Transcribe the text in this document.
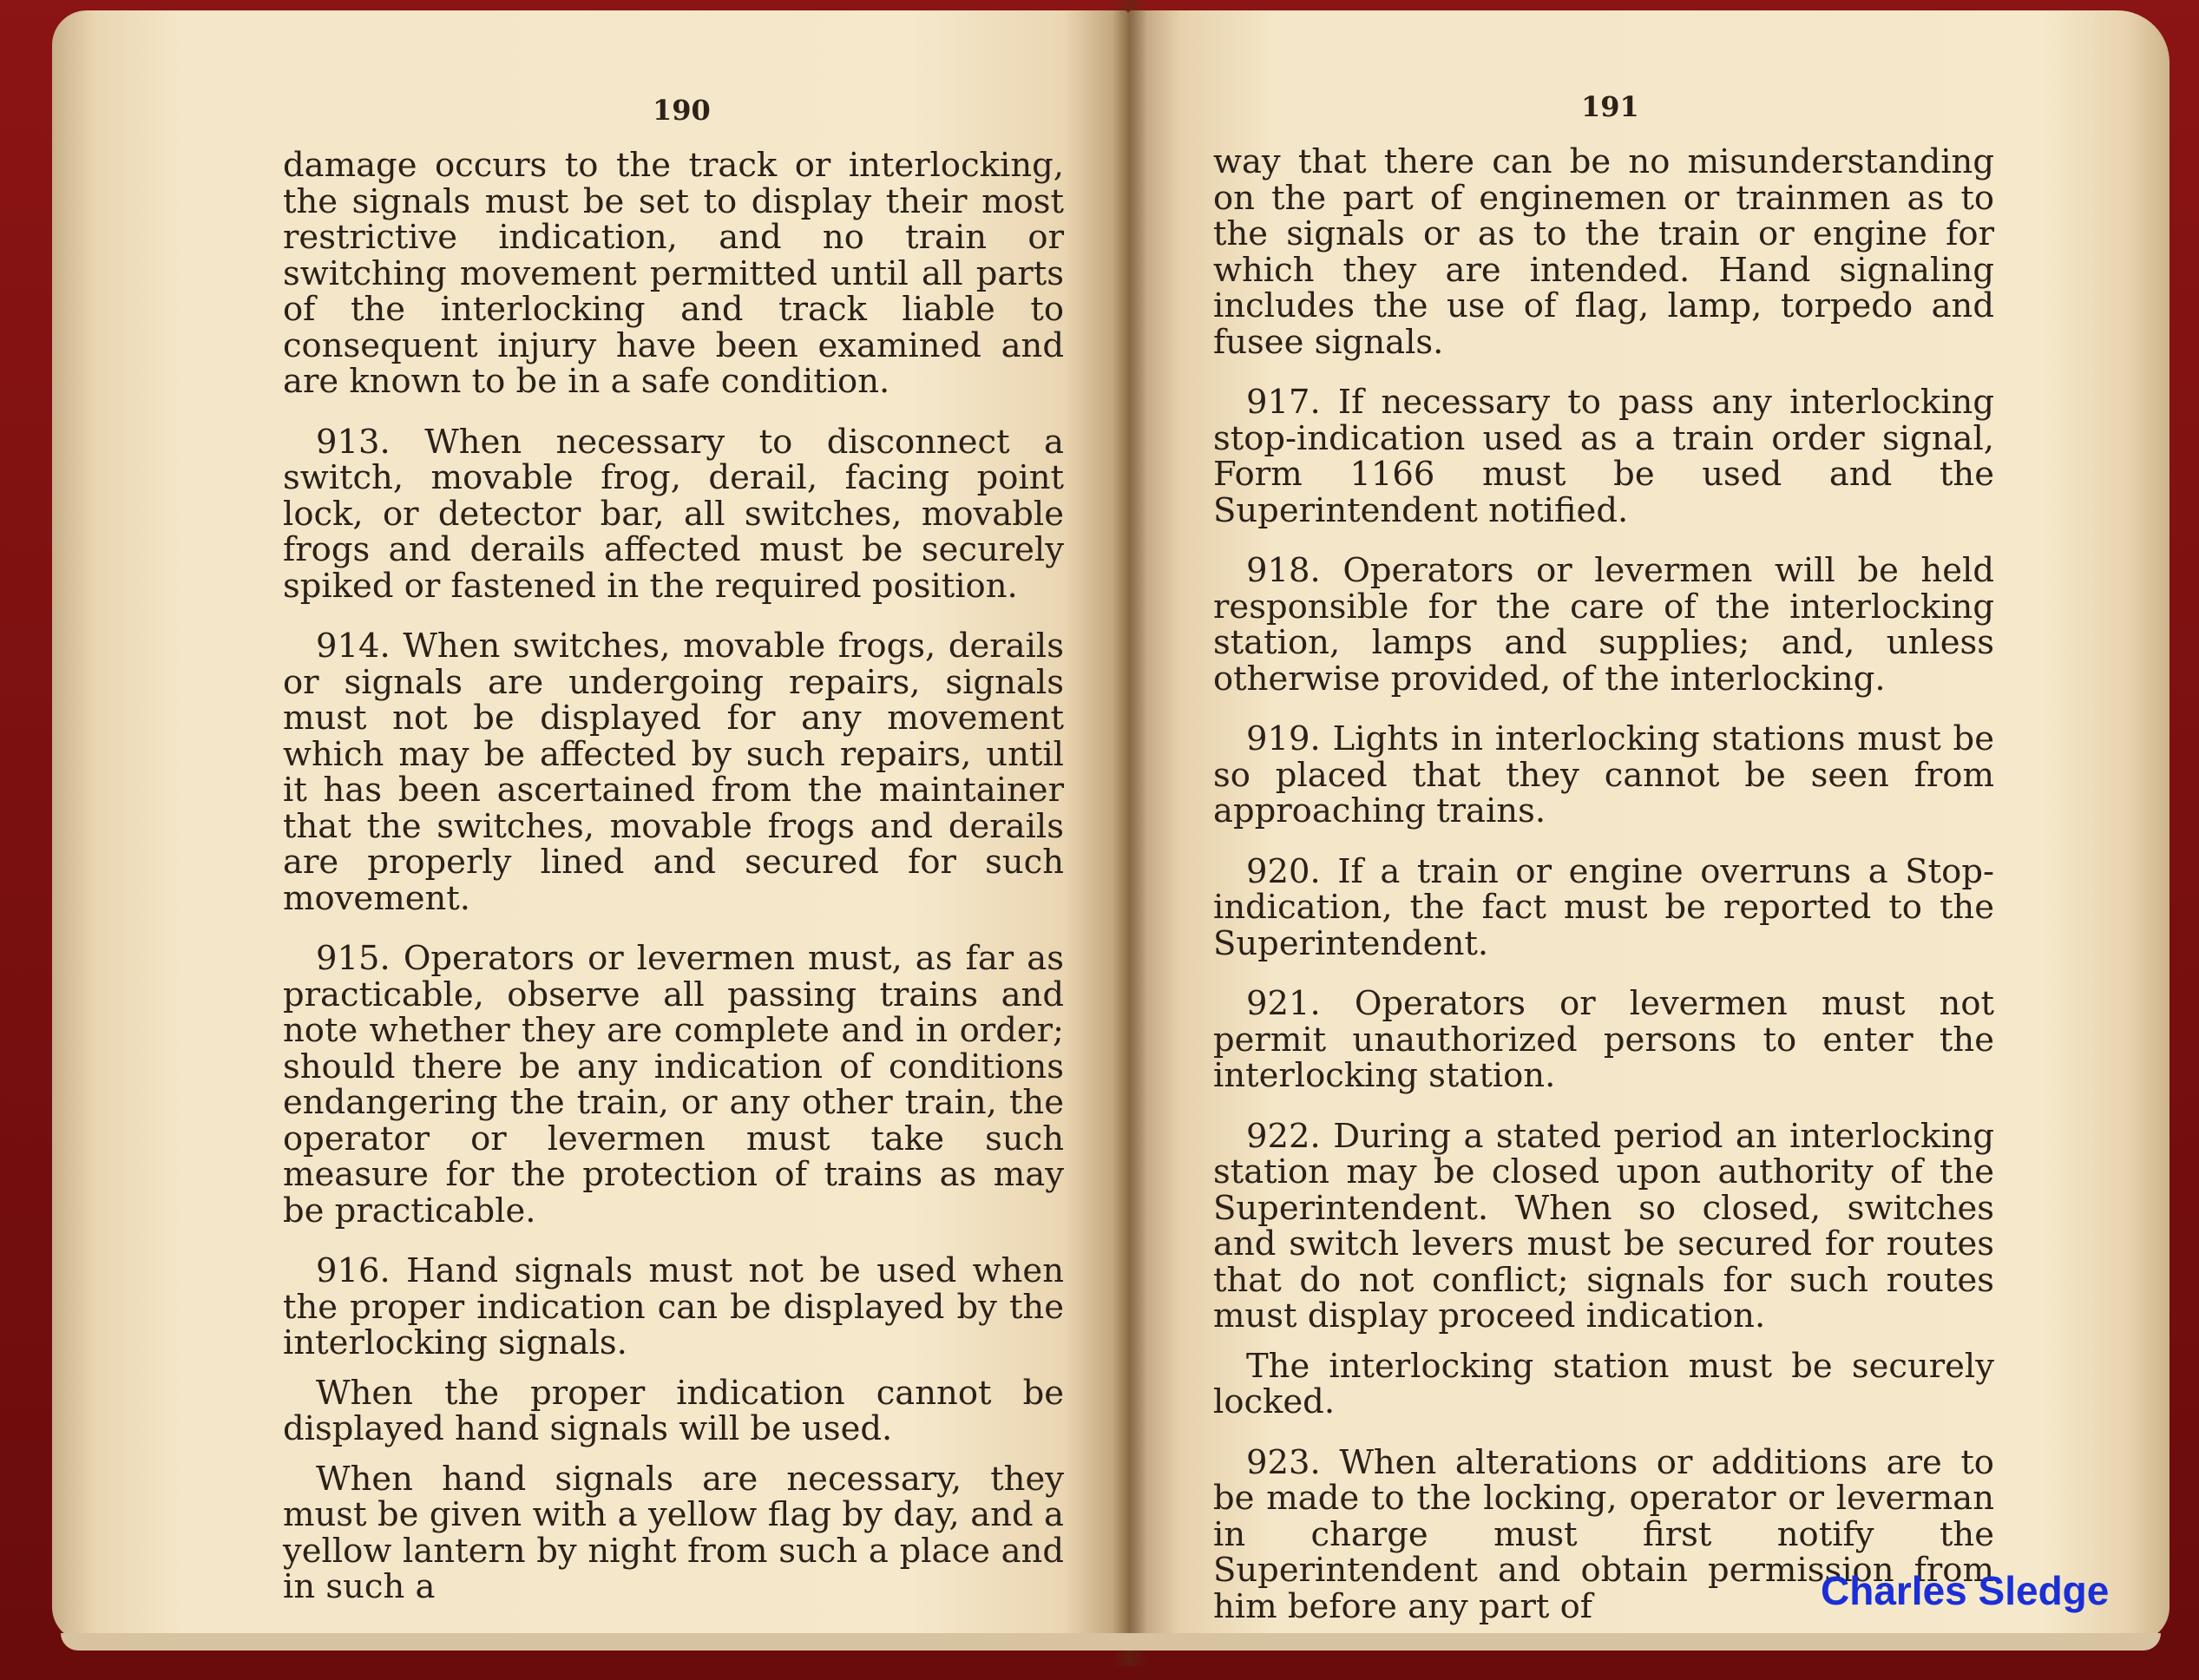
190	191

damage occurs to the track or interlocking, the signals must be set to display their most restrictive indication, and no train or switching movement permitted until all parts of the interlocking and track liable to consequent injury have been examined and are known to be in a safe condition.

913. When necessary to disconnect a switch, movable frog, derail, facing point lock, or detector bar, all switches, movable frogs and derails affected must be securely spiked or fastened in the required position.

914. When switches, movable frogs, derails or signals are undergoing repairs, signals must not be displayed for any movement which may be affected by such repairs, until it has been ascertained from the maintainer that the switches, movable frogs and derails are properly lined and secured for such movement.

915. Operators or levermen must, as far as practicable, observe all passing trains and note whether they are complete and in order; should there be any indication of conditions endangering the train, or any other train, the operator or levermen must take such measure for the protection of trains as may be practicable.

916. Hand signals must not be used when the proper indication can be displayed by the interlocking signals.

When the proper indication cannot be displayed hand signals will be used.

When hand signals are necessary, they must be given with a yellow flag by day, and a yellow lantern by night from such a place and in such a

way that there can be no misunderstanding on the part of enginemen or trainmen as to the signals or as to the train or engine for which they are intended. Hand signaling includes the use of flag, lamp, torpedo and fusee signals.

917. If necessary to pass any interlocking stop-indication used as a train order signal, Form 1166 must be used and the Superintendent notified.

918. Operators or levermen will be held responsible for the care of the interlocking station, lamps and supplies; and, unless otherwise provided, of the interlocking.

919. Lights in interlocking stations must be so placed that they cannot be seen from approaching trains.

920. If a train or engine overruns a Stop-indication, the fact must be reported to the Superintendent.

921. Operators or levermen must not permit unauthorized persons to enter the interlocking station.

922. During a stated period an interlocking station may be closed upon authority of the Superintendent. When so closed, switches and switch levers must be secured for routes that do not conflict; signals for such routes must display proceed indication.

The interlocking station must be securely locked.

923. When alterations or additions are to be made to the locking, operator or leverman in charge must first notify the Superintendent and obtain permission from him before any part of	Charles Sledge
